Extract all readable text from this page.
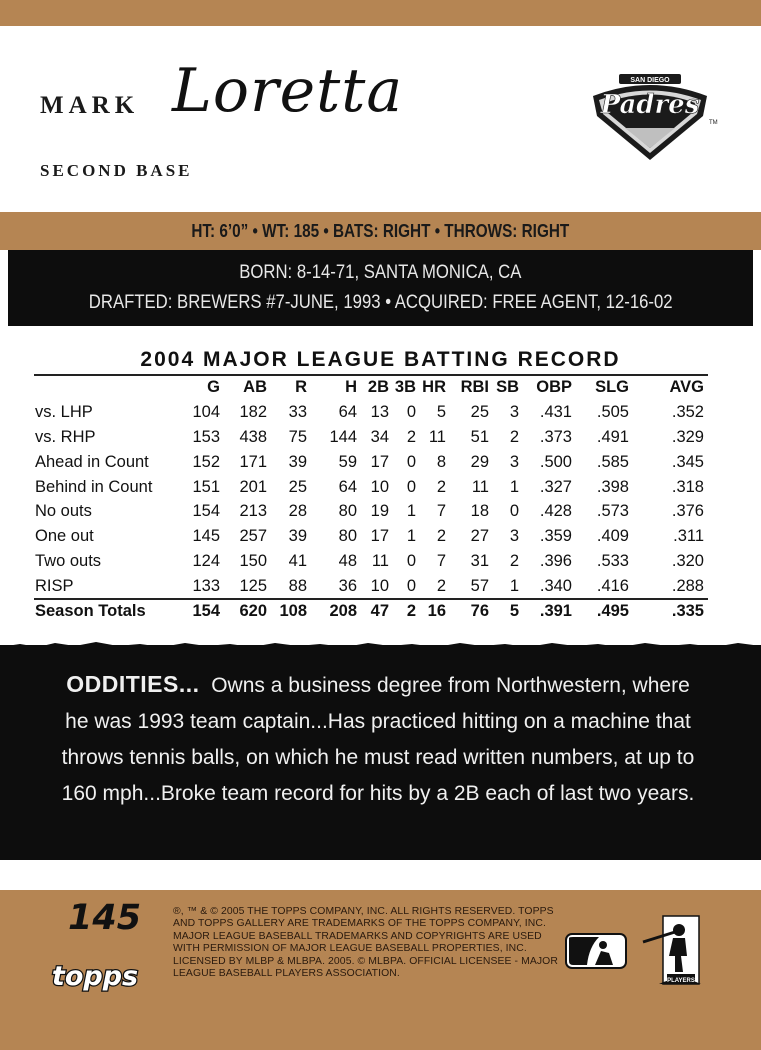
MARK Loretta
SECOND BASE
SAN DIEGO
Padres
TM
HT: 6’0” • WT: 185 • BATS: RIGHT • THROWS: RIGHT
BORN: 8-14-71, SANTA MONICA, CA
DRAFTED: BREWERS #7-JUNE, 1993 • ACQUIRED: FREE AGENT, 12-16-02
2004 MAJOR LEAGUE BATTING RECORD
G AB R H 2B 3B HR RBI SB OBP SLG AVG
vs. LHP	104 182 33 64 13 0 5 25 3 .431 .505	.352
vs. RHP	153 438 75 144 34 2 11 51 2 .373 .491	.329
Ahead in Count	152 171 39 59 17 0 8 29 3 .500 .585	.345
Behind in Count 151 201 25 64 10 0 2 11 1 .327 .398	.318
No outs	154 213 28 80 19 1 7 18 0 .428 .573	.376
One out	145 257 39 80 17 1 2 27 3 .359 .409	.311
Two outs	124 150 41 48 11 0 7 31 2 .396 .533	.320
RISP	133 125 88 36 10 0 2 57 1 .340 .416	.288
Season Totals	154 620 108 208 47 2 16 76 5 .391 .495	.335
ODDITIES... Owns a business degree from Northwestern, where he was 1993 team captain...Has practiced hitting on a machine that throws tennis balls, on which he must read written numbers, at up to 160 mph...Broke team record for hits by a 2B each of last two years.
145
topps
®, ™ & © 2005 THE TOPPS COMPANY, INC. ALL RIGHTS RESERVED. TOPPS AND TOPPS GALLERY ARE TRADEMARKS OF THE TOPPS COMPANY, INC. MAJOR LEAGUE BASEBALL TRADEMARKS AND COPYRIGHTS ARE USED WITH PERMISSION OF MAJOR LEAGUE BASEBALL PROPERTIES, INC. LICENSED BY MLBP & MLBPA. 2005. © MLBPA. OFFICIAL LICENSEE - MAJOR LEAGUE BASEBALL PLAYERS ASSOCIATION.
PLAYERS
